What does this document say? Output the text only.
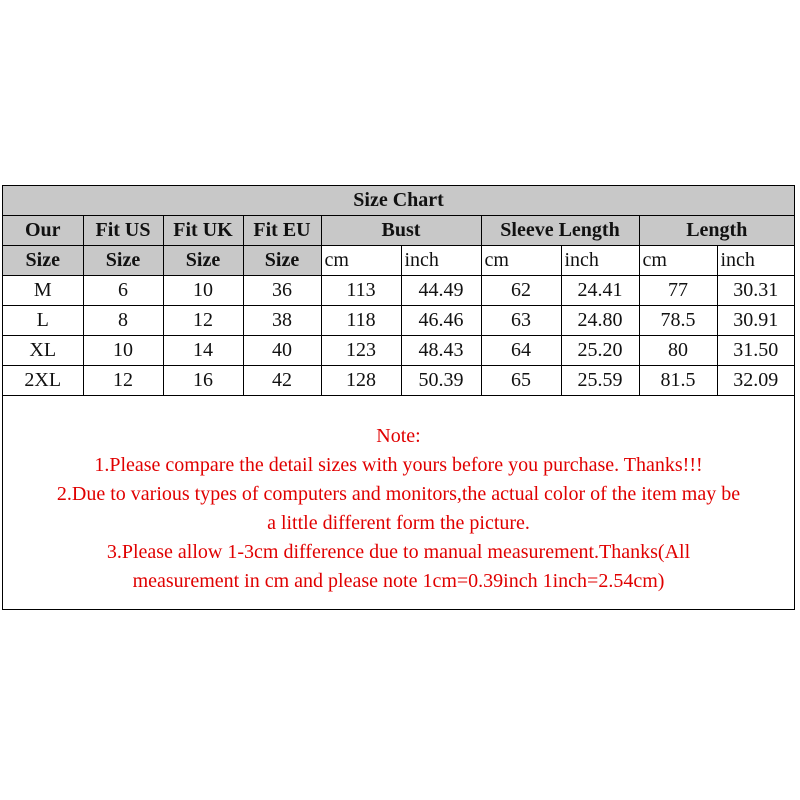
Size Chart									
Our	Fit US	Fit UK	Fit EU	Bust		Sleeve Length		Length	
Size	Size	Size	Size	cm	inch	cm	inch	cm	inch
M	6	10	36	113	44.49	62	24.41	77	30.31
L	8	12	38	118	46.46	63	24.80	78.5	30.91
XL	10	14	40	123	48.43	64	25.20	80	31.50
2XL	12	16	42	128	50.39	65	25.59	81.5	32.09
Note:
1.Please compare the detail sizes with yours before you purchase. Thanks!!!
2.Due to various types of computers and monitors,the actual color of the item may be
a little different form the picture.
3.Please allow 1-3cm difference due to manual measurement.Thanks(All
measurement in cm and please note 1cm=0.39inch 1inch=2.54cm)
